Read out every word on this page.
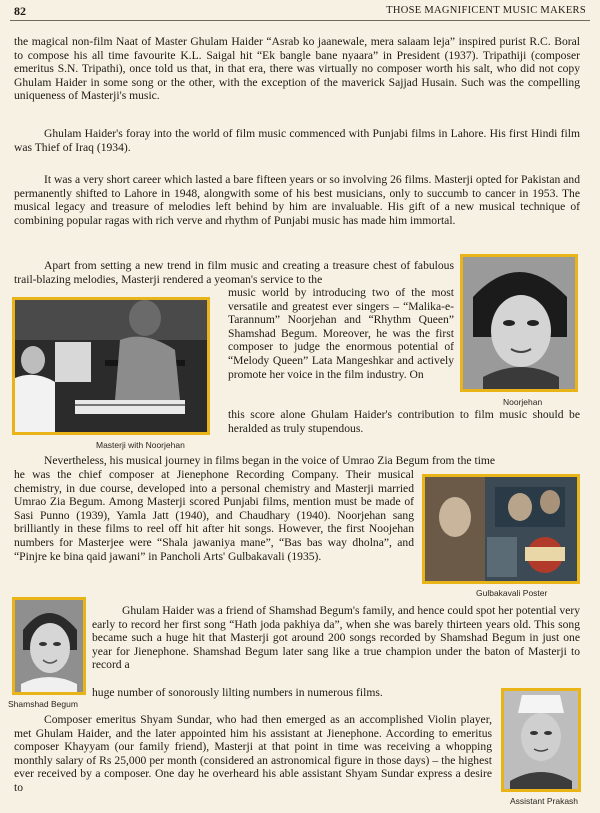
82	THOSE MAGNIFICENT MUSIC MAKERS

the magical non-film Naat of Master Ghulam Haider “Asrab ko jaanewale, mera salaam leja” inspired purist R.C. Boral to compose his all time favourite K.L. Saigal hit “Ek bangle bane nyaara” in President (1937). Tripathiji (composer emeritus S.N. Tripathi), once told us that, in that era, there was virtually no composer worth his salt, who did not copy Ghulam Haider in some song or the other, with the exception of the maverick Sajjad Husain. Such was the compelling uniqueness of Masterji's music.

Ghulam Haider's foray into the world of film music commenced with Punjabi films in Lahore. His first Hindi film was Thief of Iraq (1934).

It was a very short career which lasted a bare fifteen years or so involving 26 films. Masterji opted for Pakistan and permanently shifted to Lahore in 1948, alongwith some of his best musicians, only to succumb to cancer in 1953. The musical legacy and treasure of melodies left behind by him are invaluable. His gift of a new musical technique of combining popular ragas with rich verve and rhythm of Punjabi music has made him immortal.

Apart from setting a new trend in film music and creating a treasure chest of fabulous trail-blazing melodies, Masterji rendered a yeoman's service to the

music world by introducing two of the most versatile and greatest ever singers – “Malika-e-Tarannum” Noorjehan and “Rhythm Queen” Shamshad Begum. Moreover, he was the first composer to judge the enormous potential of “Melody Queen” Lata Mangeshkar and actively promote her voice in the film industry. On

this score alone Ghulam Haider's contribution to film music should be heralded as truly stupendous.

Nevertheless, his musical journey in films began in the voice of Umrao Zia Begum from the time

he was the chief composer at Jienephone Recording Company. Their musical chemistry, in due course, developed into a personal chemistry and Masterji married Umrao Zia Begum. Among Masterji scored Punjabi films, mention must be made of Sasi Punno (1939), Yamla Jatt (1940), and Chaudhary (1940). Noorjehan sang brilliantly in these films to reel off hit after hit songs. However, the first Noojehan numbers for Masterjee were “Shala jawaniya mane”, “Bas bas way dholna”, and “Pinjre ke bina qaid jawani” in Pancholi Arts' Gulbakavali (1935).

Ghulam Haider was a friend of Shamshad Begum's family, and hence could spot her potential very early to record her first song “Hath joda pakhiya da”, when she was barely thirteen years old. This song became such a huge hit that Masterji got around 200 songs recorded by Shamshad Begum in just one year for Jienephone. Shamshad Begum later sang like a true champion under the baton of Masterji to record a

huge number of sonorously lilting numbers in numerous films.

Composer emeritus Shyam Sundar, who had then emerged as an accomplished Violin player, met Ghulam Haider, and the later appointed him his assistant at Jienephone. According to emeritus composer Khayyam (our family friend), Masterji at that point in time was receiving a whopping monthly salary of Rs 25,000 per month (considered an astronomical figure in those days) – the highest ever received by a composer. One day he overheard his able assistant Shyam Sundar express a desire to

Masterji with Noorjehan
Noorjehan
Gulbakavali Poster
Shamshad Begum
Assistant Prakash
